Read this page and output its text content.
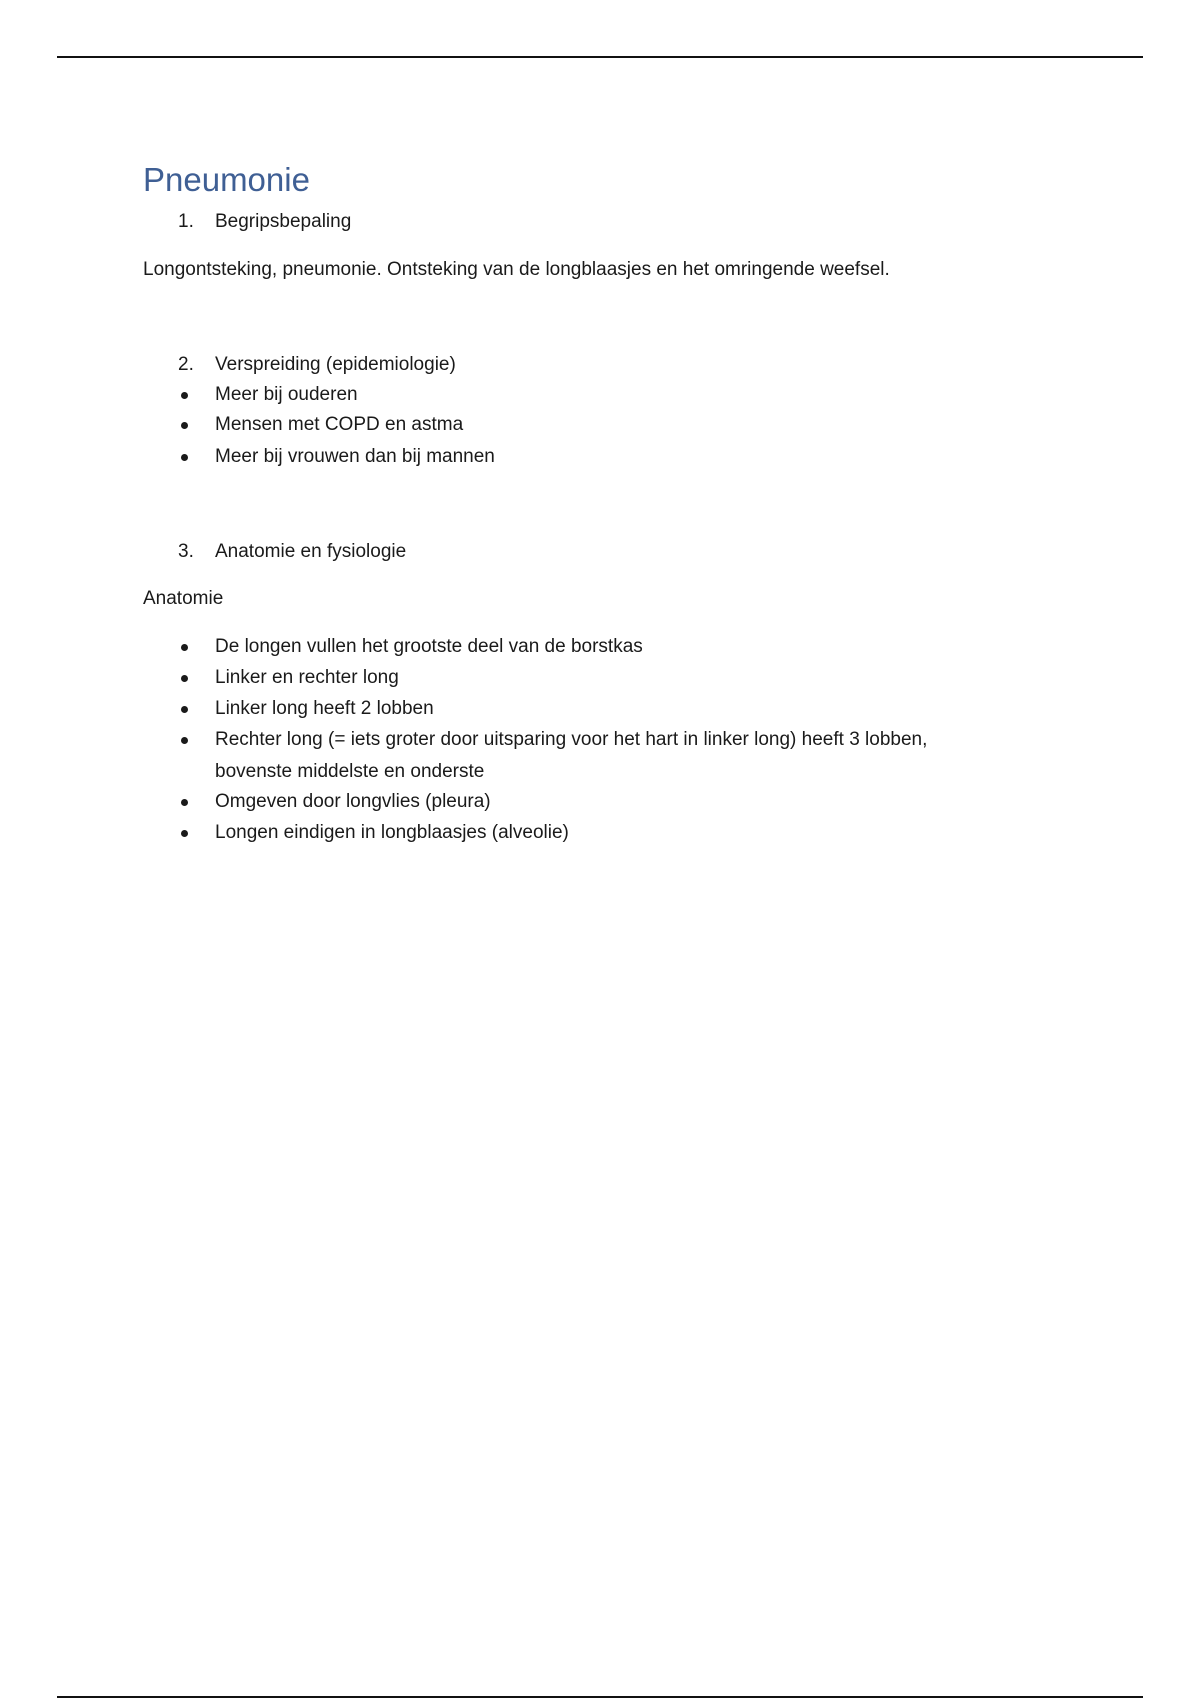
Pneumonie
1. Begripsbepaling
Longontsteking, pneumonie. Ontsteking van de longblaasjes en het omringende weefsel.
2. Verspreiding (epidemiologie)
Meer bij ouderen
Mensen met COPD en astma
Meer bij vrouwen dan bij mannen
3. Anatomie en fysiologie
Anatomie
De longen vullen het grootste deel van de borstkas
Linker en rechter long
Linker long heeft 2 lobben
Rechter long (= iets groter door uitsparing voor het hart in linker long) heeft 3 lobben,
bovenste middelste en onderste
Omgeven door longvlies (pleura)
Longen eindigen in longblaasjes (alveolie)
